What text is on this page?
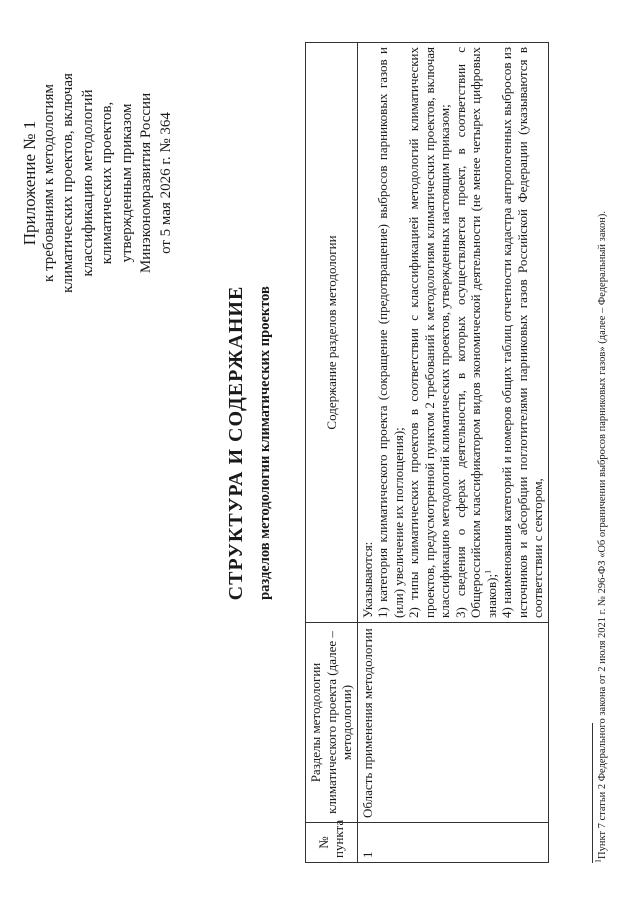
Приложение № 1 к требованиям к методологиям климатических проектов, включая классификацию методологий климатических проектов, утвержденным приказом Минэкономразвития России от 5 мая 2026 г. № 364
СТРУКТУРА И СОДЕРЖАНИЕ разделов методологии климатических проектов
№ пункта	Разделы методологии климатического проекта (далее – методологии)	Содержание разделов методологии
1	Область применения методологии	Указываются: 1) категория климатического проекта (сокращение (предотвращение) выбросов парниковых газов и (или) увеличение их поглощения); 2) типы климатических проектов в соответствии с классификацией методологий климатических проектов, предусмотренной пунктом 2 требований к методологиям климатических проектов, включая классификацию методологий климатических проектов, утвержденных настоящим приказом; 3) сведения о сферах деятельности, в которых осуществляется проект, в соответствии с Общероссийским классификатором видов экономической деятельности (не менее четырех цифровых знаков);$^1$ 4) наименования категорий и номеров общих таблиц отчетности кадастра антропогенных выбросов из источников и абсорбции поглотителями парниковых газов Российской Федерации (указываются в соответствии с сектором,

$^1$Пункт 7 статьи 2 Федерального закона от 2 июля 2021 г. № 296-ФЗ «Об ограничении выбросов парниковых газов» (далее – Федеральный закон).
